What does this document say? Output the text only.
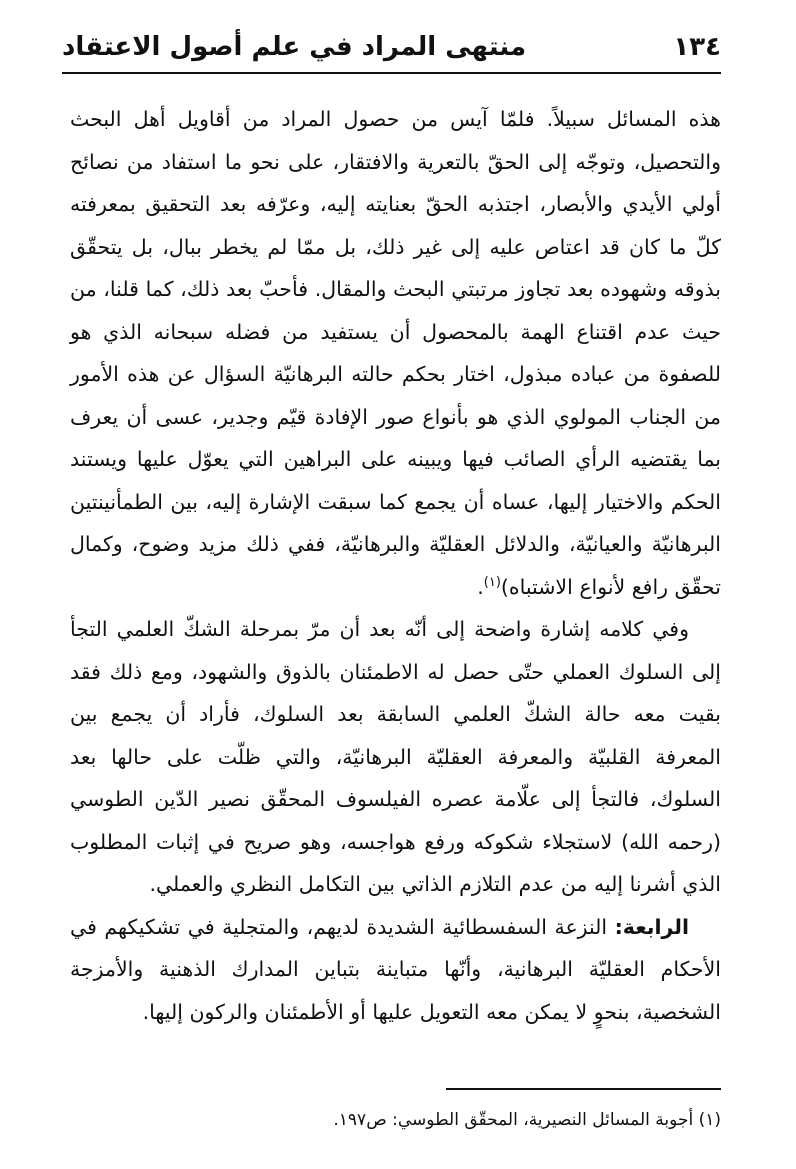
١٣٤
منتهى المراد في علم أصول الاعتقاد

هذه المسائل سبيلاً. فلمّا آيس من حصول المراد من أقاويل أهل البحث والتحصيل، وتوجّه إلى الحقّ بالتعرية والافتقار، على نحو ما استفاد من نصائح أولي الأيدي والأبصار، اجتذبه الحقّ بعنايته إليه، وعرّفه بعد التحقيق بمعرفته كلّ ما كان قد اعتاص عليه إلى غير ذلك، بل ممّا لم يخطر ببال، بل يتحقّق بذوقه وشهوده بعد تجاوز مرتبتي البحث والمقال. فأحبّ بعد ذلك، كما قلنا، من حيث عدم اقتناع الهمة بالمحصول أن يستفيد من فضله سبحانه الذي هو للصفوة من عباده مبذول، اختار بحكم حالته البرهانيّة السؤال عن هذه الأمور من الجناب المولوي الذي هو بأنواع صور الإفادة قيّم وجدير، عسى أن يعرف بما يقتضيه الرأي الصائب فيها ويبينه على البراهين التي يعوّل عليها ويستند الحكم والاختيار إليها، عساه أن يجمع كما سبقت الإشارة إليه، بين الطمأنينتين البرهانيّة والعيانيّة، والدلائل العقليّة والبرهانيّة، ففي ذلك مزيد وضوح، وكمال تحقّق رافع لأنواع الاشتباه)$^{(١)}$.

وفي كلامه إشارة واضحة إلى أنّه بعد أن مرّ بمرحلة الشكّ العلمي التجأ إلى السلوك العملي حتّى حصل له الاطمئنان بالذوق والشهود، ومع ذلك فقد بقيت معه حالة الشكّ العلمي السابقة بعد السلوك، فأراد أن يجمع بين المعرفة القلبيّة والمعرفة العقليّة البرهانيّة، والتي ظلّت على حالها بعد السلوك، فالتجأ إلى علّامة عصره الفيلسوف المحقّق نصير الدّين الطوسي (رحمه الله) لاستجلاء شكوكه ورفع هواجسه، وهو صريح في إثبات المطلوب الذي أشرنا إليه من عدم التلازم الذاتي بين التكامل النظري والعملي.

الرابعة: النزعة السفسطائية الشديدة لديهم، والمتجلية في تشكيكهم في الأحكام العقليّة البرهانية، وأنّها متباينة بتباين المدارك الذهنية والأمزجة الشخصية، بنحوٍ لا يمكن معه التعويل عليها أو الأطمئنان والركون إليها.

(١) أجوبة المسائل النصيرية، المحقّق الطوسي: ص١٩٧.
